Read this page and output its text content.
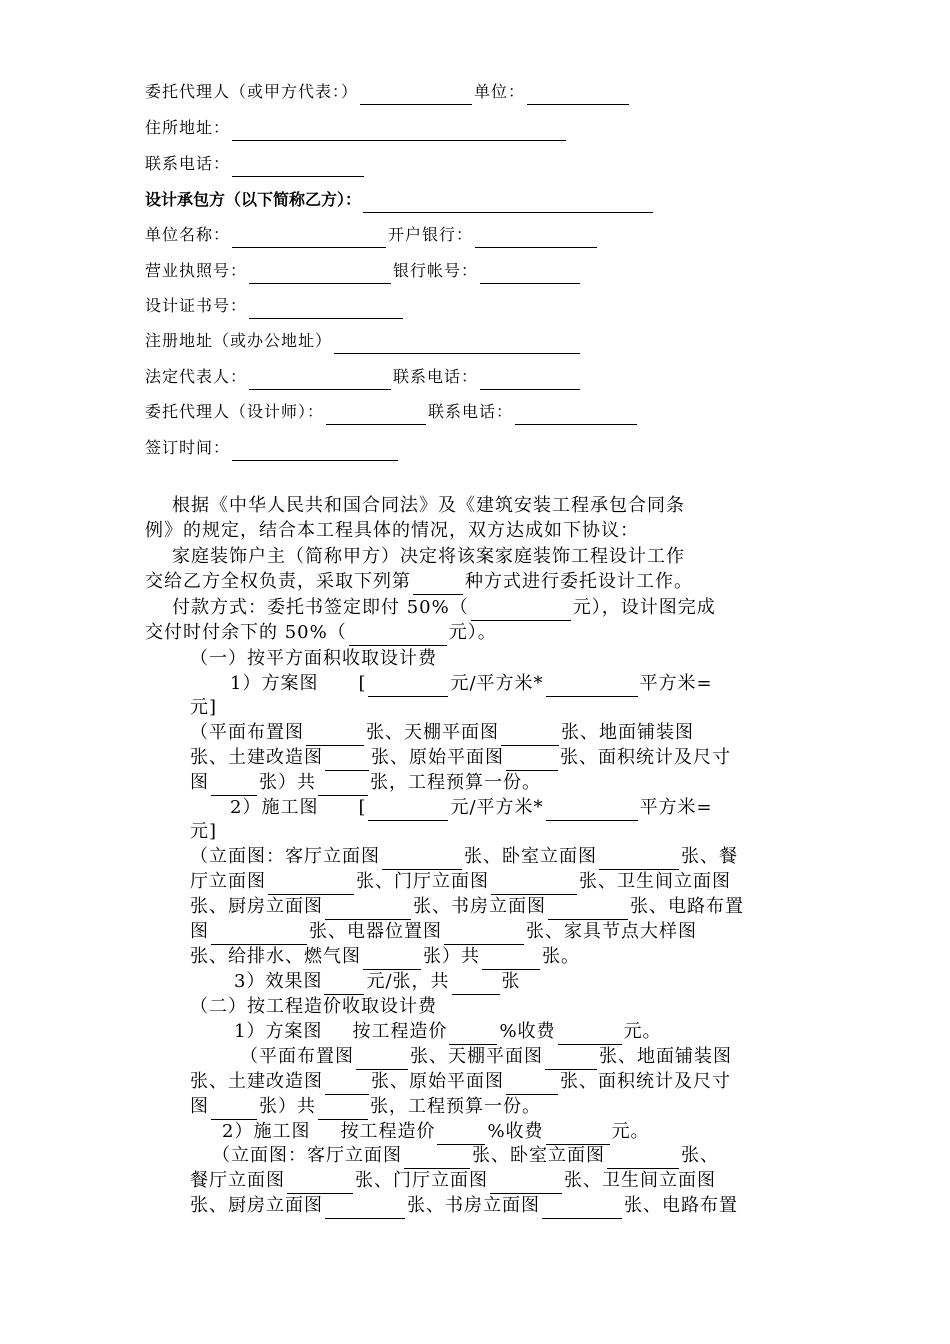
委托代理人（或甲方代表：）	单位：
住所地址：
联系电话：
设计承包方（以下简称乙方）：
单位名称：	开户银行：
营业执照号：	银行帐号：
设计证书号：
注册地址（或办公地址）
法定代表人：	联系电话：
委托代理人（设计师）：	联系电话：
签订时间：
根据《中华人民共和国合同法》及《建筑安装工程承包合同条
例》的规定，结合本工程具体的情况，双方达成如下协议：
家庭装饰户主（简称甲方）决定将该案家庭装饰工程设计工作
交给乙方全权负责，采取下列第	种方式进行委托设计工作。
付款方式：委托书签定即付 50%（	元），设计图完成
交付时付余下的 50%（	元）。
（一）按平方面积收取设计费
1）方案图 [	元/平方米*	平方米=
元]
（平面布置图	张、天棚平面图	张、地面铺装图
张、土建改造图	张、原始平面图	张、面积统计及尺寸
图	张）共	张，工程预算一份。
2）施工图 [	元/平方米*	平方米=
元]
（立面图：客厅立面图	张、卧室立面图	张、餐
厅立面图	张、门厅立面图	张、卫生间立面图
张、厨房立面图	张、书房立面图	张、电路布置
图	张、电器位置图	张、家具节点大样图
张、给排水、燃气图	张）共	张。
3）效果图 元/张，共	张
（二）按工程造价收取设计费
1）方案图 按工程造价	%收费	元。
（平面布置图	张、天棚平面图	张、地面铺装图
张、土建改造图	张、原始平面图	张、面积统计及尺寸
图	张）共	张，工程预算一份。
2）施工图 按工程造价	%收费	元。
（立面图：客厅立面图	张、卧室立面图	张、
餐厅立面图	张、门厅立面图	张、卫生间立面图
张、厨房立面图	张、书房立面图	张、电路布置
